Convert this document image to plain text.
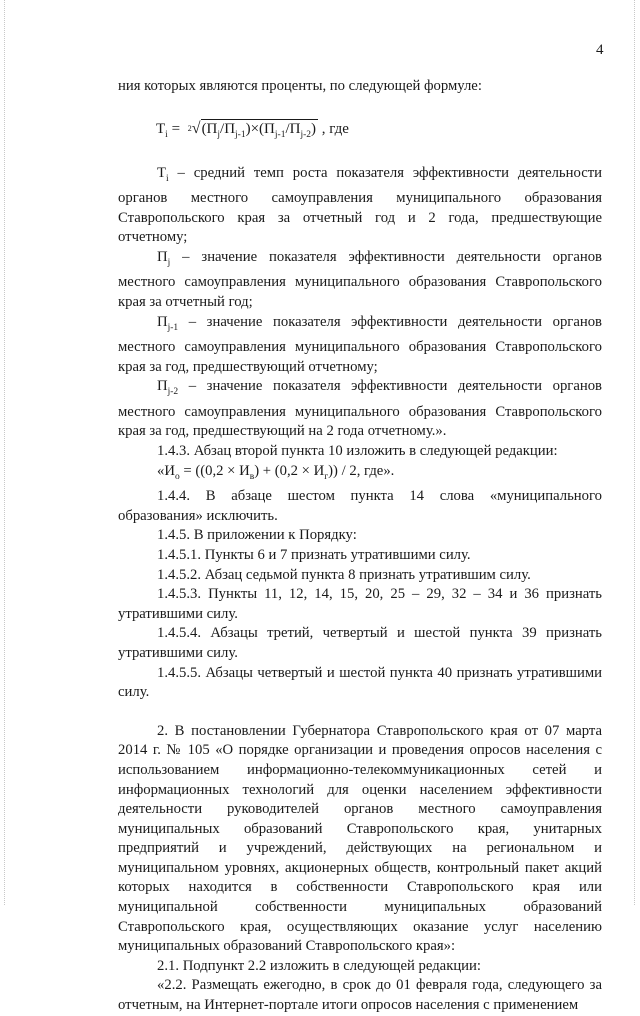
4

ния которых являются проценты, по следующей формуле:

$T_i = ^2√(П_j/П_{j-1})\times(П_{j-1}/П_{j-2})$ , где

$T_i$ – средний темп роста показателя эффективности деятельности органов местного самоуправления муниципального образования Ставропольского края за отчетный год и 2 года, предшествующие отчетному;

$П_j$ – значение показателя эффективности деятельности органов местного самоуправления муниципального образования Ставропольского края за отчетный год;

$П_{j-1}$ – значение показателя эффективности деятельности органов местного самоуправления муниципального образования Ставропольского края за год, предшествующий отчетному;

$П_{j-2}$ – значение показателя эффективности деятельности органов местного самоуправления муниципального образования Ставропольского края за год, предшествующий на 2 года отчетному.».

1.4.3. Абзац второй пункта 10 изложить в следующей редакции:

«$И_о = ((0,2 \times И_в) + (0,2 \times И_г)) / 2$, где».

1.4.4. В абзаце шестом пункта 14 слова «муниципального образования» исключить.

1.4.5. В приложении к Порядку:

1.4.5.1. Пункты 6 и 7 признать утратившими силу.

1.4.5.2. Абзац седьмой пункта 8 признать утратившим силу.

1.4.5.3. Пункты 11, 12, 14, 15, 20, 25 – 29, 32 – 34 и 36 признать утратившими силу.

1.4.5.4. Абзацы третий, четвертый и шестой пункта 39 признать утратившими силу.

1.4.5.5. Абзацы четвертый и шестой пункта 40 признать утратившими силу.

2. В постановлении Губернатора Ставропольского края от 07 марта 2014 г. № 105 «О порядке организации и проведения опросов населения с использованием информационно-телекоммуникационных сетей и информационных технологий для оценки населением эффективности деятельности руководителей органов местного самоуправления муниципальных образований Ставропольского края, унитарных предприятий и учреждений, действующих на региональном и муниципальном уровнях, акционерных обществ, контрольный пакет акций которых находится в собственности Ставропольского края или муниципальной собственности муниципальных образований Ставропольского края, осуществляющих оказание услуг населению муниципальных образований Ставропольского края»:

2.1. Подпункт 2.2 изложить в следующей редакции:

«2.2. Размещать ежегодно, в срок до 01 февраля года, следующего за отчетным, на Интернет-портале итоги опросов населения с применением
